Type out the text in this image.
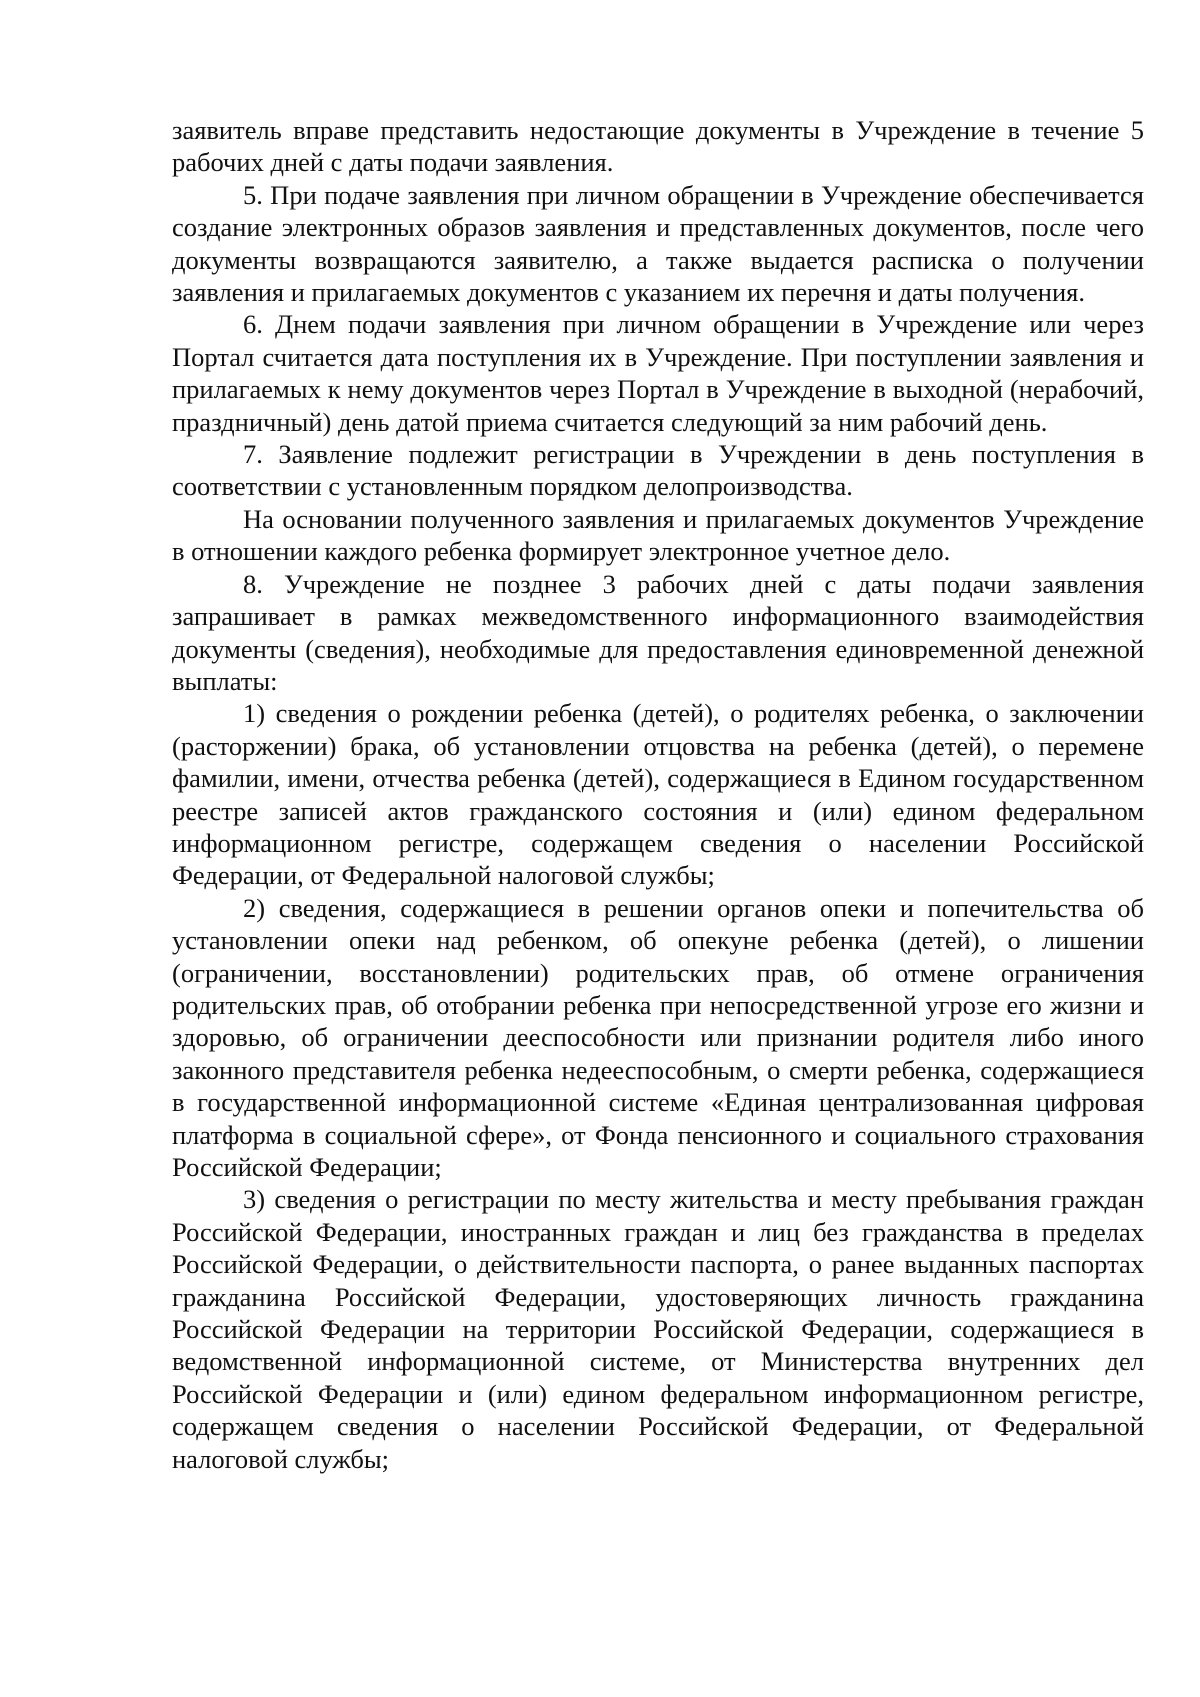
заявитель вправе представить недостающие документы в Учреждение в течение 5 рабочих дней с даты подачи заявления.

5. При подаче заявления при личном обращении в Учреждение обеспечивается создание электронных образов заявления и представленных документов, после чего документы возвращаются заявителю, а также выдается расписка о получении заявления и прилагаемых документов с указанием их перечня и даты получения.

6. Днем подачи заявления при личном обращении в Учреждение или через Портал считается дата поступления их в Учреждение. При поступлении заявления и прилагаемых к нему документов через Портал в Учреждение в выходной (нерабочий, праздничный) день датой приема считается следующий за ним рабочий день.

7. Заявление подлежит регистрации в Учреждении в день поступления в соответствии с установленным порядком делопроизводства.

На основании полученного заявления и прилагаемых документов Учреждение в отношении каждого ребенка формирует электронное учетное дело.

8. Учреждение не позднее 3 рабочих дней с даты подачи заявления запрашивает в рамках межведомственного информационного взаимодействия документы (сведения), необходимые для предоставления единовременной денежной выплаты:

1) сведения о рождении ребенка (детей), о родителях ребенка, о заключении (расторжении) брака, об установлении отцовства на ребенка (детей), о перемене фамилии, имени, отчества ребенка (детей), содержащиеся в Едином государственном реестре записей актов гражданского состояния и (или) едином федеральном информационном регистре, содержащем сведения о населении Российской Федерации, от Федеральной налоговой службы;

2) сведения, содержащиеся в решении органов опеки и попечительства об установлении опеки над ребенком, об опекуне ребенка (детей), о лишении (ограничении, восстановлении) родительских прав, об отмене ограничения родительских прав, об отобрании ребенка при непосредственной угрозе его жизни и здоровью, об ограничении дееспособности или признании родителя либо иного законного представителя ребенка недееспособным, о смерти ребенка, содержащиеся в государственной информационной системе «Единая централизованная цифровая платформа в социальной сфере», от Фонда пенсионного и социального страхования Российской Федерации;

3) сведения о регистрации по месту жительства и месту пребывания граждан Российской Федерации, иностранных граждан и лиц без гражданства в пределах Российской Федерации, о действительности паспорта, о ранее выданных паспортах гражданина Российской Федерации, удостоверяющих личность гражданина Российской Федерации на территории Российской Федерации, содержащиеся в ведомственной информационной системе, от Министерства внутренних дел Российской Федерации и (или) едином федеральном информационном регистре, содержащем сведения о населении Российской Федерации, от Федеральной налоговой службы;
